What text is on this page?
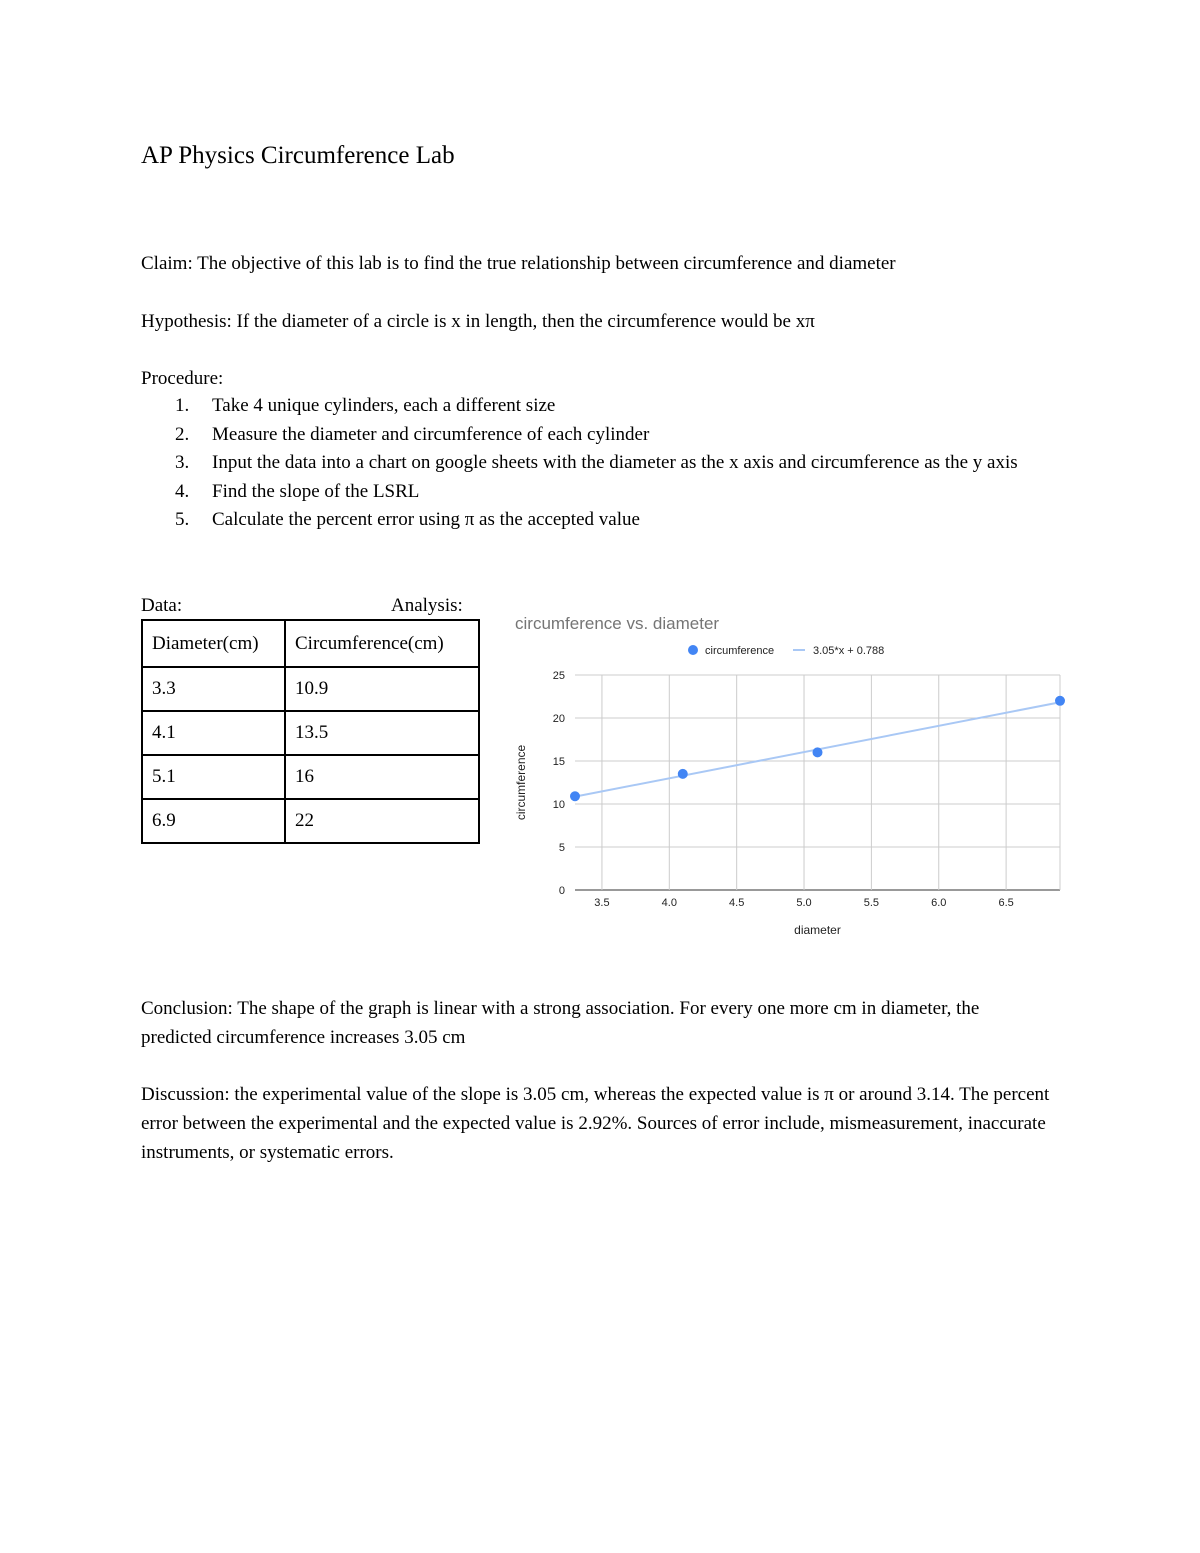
AP Physics Circumference Lab
Claim: The objective of this lab is to find the true relationship between circumference and diameter
Hypothesis: If the diameter of a circle is x in length, then the circumference would be xπ
Procedure:
1. Take 4 unique cylinders, each a different size
2. Measure the diameter and circumference of each cylinder
3. Input the data into a chart on google sheets with the diameter as the x axis and circumference as the y axis
4. Find the slope of the LSRL
5. Calculate the percent error using π as the accepted value
Data:	Analysis:
Diameter(cm)	Circumference(cm)
3.3	10.9
4.1	13.5
5.1	16
6.9	22
circumference vs. diameter
circumference	3.05*x + 0.788
0
5
10
15
20
25
3.5	4.0	4.5	5.0	5.5	6.0	6.5
diameter
circumference
Conclusion: The shape of the graph is linear with a strong association. For every one more cm in diameter, the predicted circumference increases 3.05 cm
Discussion: the experimental value of the slope is 3.05 cm, whereas the expected value is π or around 3.14. The percent error between the experimental and the expected value is 2.92%. Sources of error include, mismeasurement, inaccurate instruments, or systematic errors.
